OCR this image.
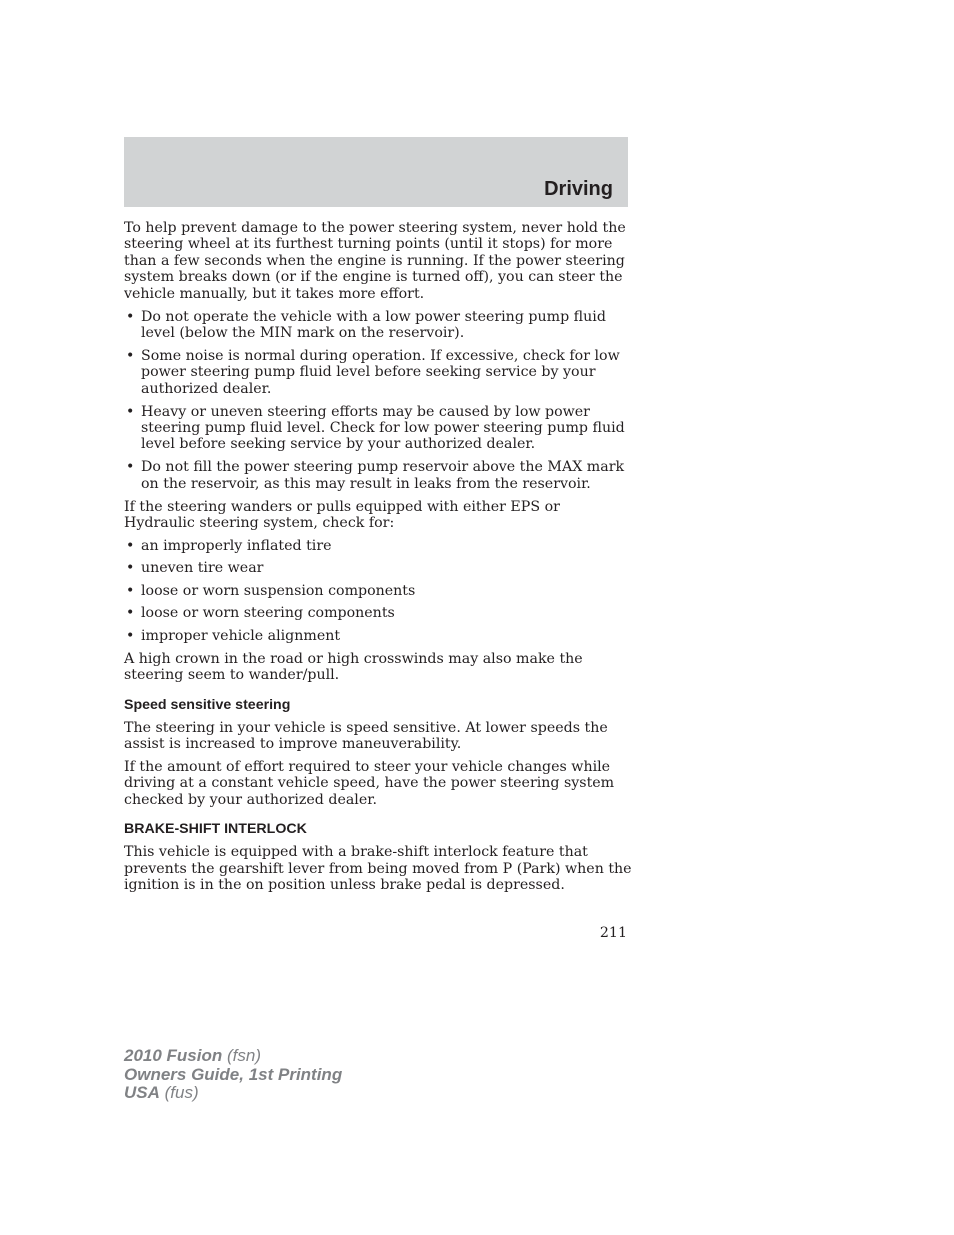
Driving

To help prevent damage to the power steering system, never hold the steering wheel at its furthest turning points (until it stops) for more than a few seconds when the engine is running. If the power steering system breaks down (or if the engine is turned off), you can steer the vehicle manually, but it takes more effort.

• Do not operate the vehicle with a low power steering pump fluid level (below the MIN mark on the reservoir).
• Some noise is normal during operation. If excessive, check for low power steering pump fluid level before seeking service by your authorized dealer.
• Heavy or uneven steering efforts may be caused by low power steering pump fluid level. Check for low power steering pump fluid level before seeking service by your authorized dealer.
• Do not fill the power steering pump reservoir above the MAX mark on the reservoir, as this may result in leaks from the reservoir.

If the steering wanders or pulls equipped with either EPS or Hydraulic steering system, check for:

• an improperly inflated tire
• uneven tire wear
• loose or worn suspension components
• loose or worn steering components
• improper vehicle alignment

A high crown in the road or high crosswinds may also make the steering seem to wander/pull.

Speed sensitive steering

The steering in your vehicle is speed sensitive. At lower speeds the assist is increased to improve maneuverability.

If the amount of effort required to steer your vehicle changes while driving at a constant vehicle speed, have the power steering system checked by your authorized dealer.

BRAKE-SHIFT INTERLOCK

This vehicle is equipped with a brake-shift interlock feature that prevents the gearshift lever from being moved from P (Park) when the ignition is in the on position unless brake pedal is depressed.

211
2010 Fusion (fsn)
Owners Guide, 1st Printing
USA (fus)
